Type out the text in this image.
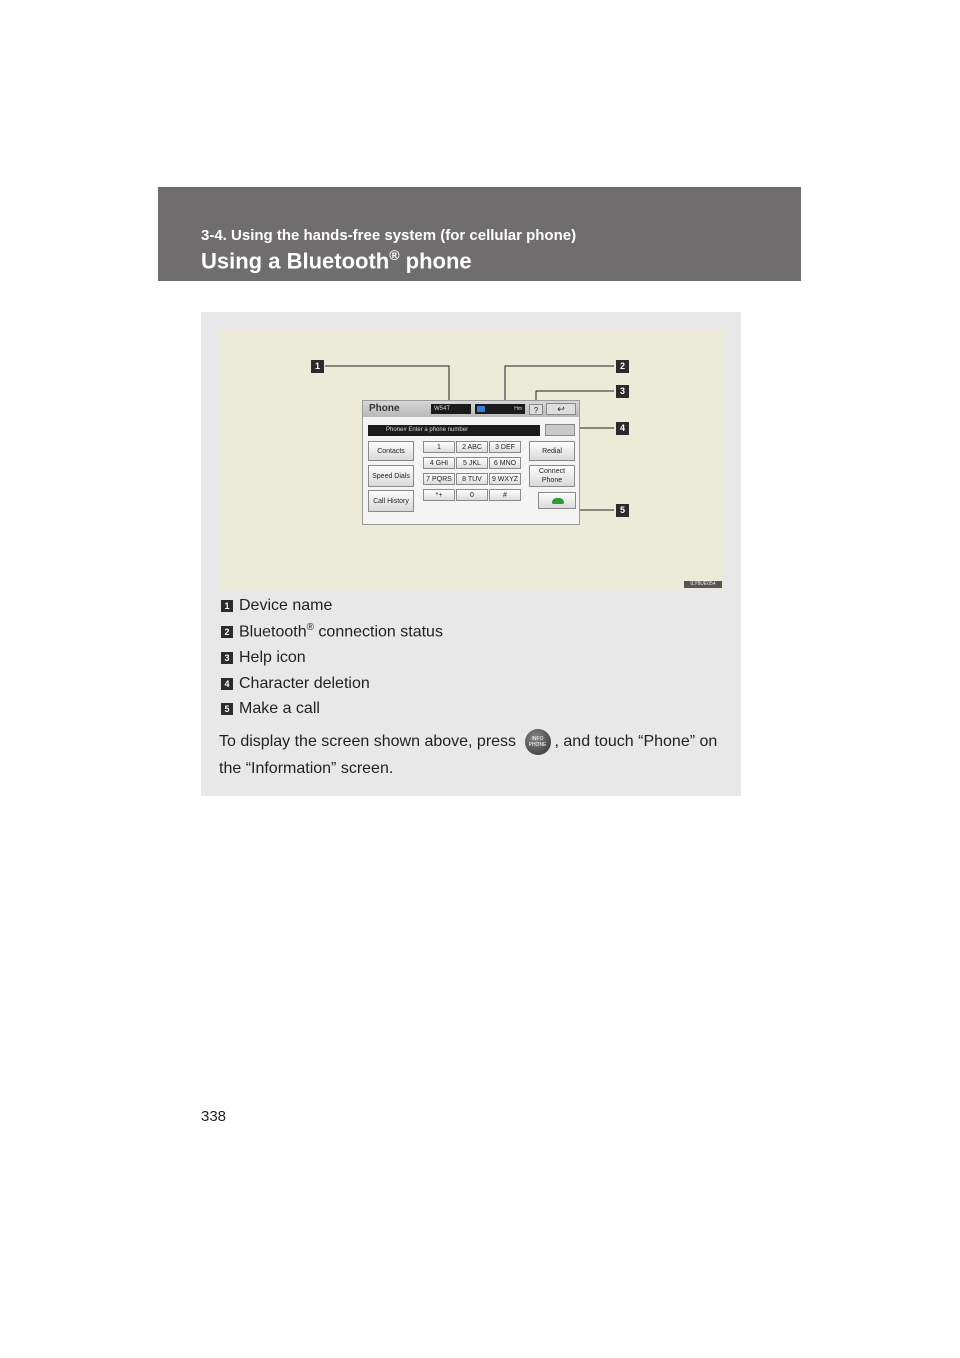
3-4. Using the hands-free system (for cellular phone)
Using a Bluetooth® phone
1	2
3
4
5
Phone	W54T	Hm	?	↩
Phone# Enter a phone number
Contacts
Speed Dials
Call History
Redial
Connect Phone
1	2 ABC	3 DEF
4 GHI	5 JKL	6 MNO
7 PQRS	8 TUV	9 WXYZ
*+	0	#
ILY8UE054
1 Device name
2 Bluetooth® connection status
3 Help icon
4 Character deletion
5 Make a call
To display the screen shown above, press INFO
PHONE , and touch “Phone” on the “Information” screen.
338
